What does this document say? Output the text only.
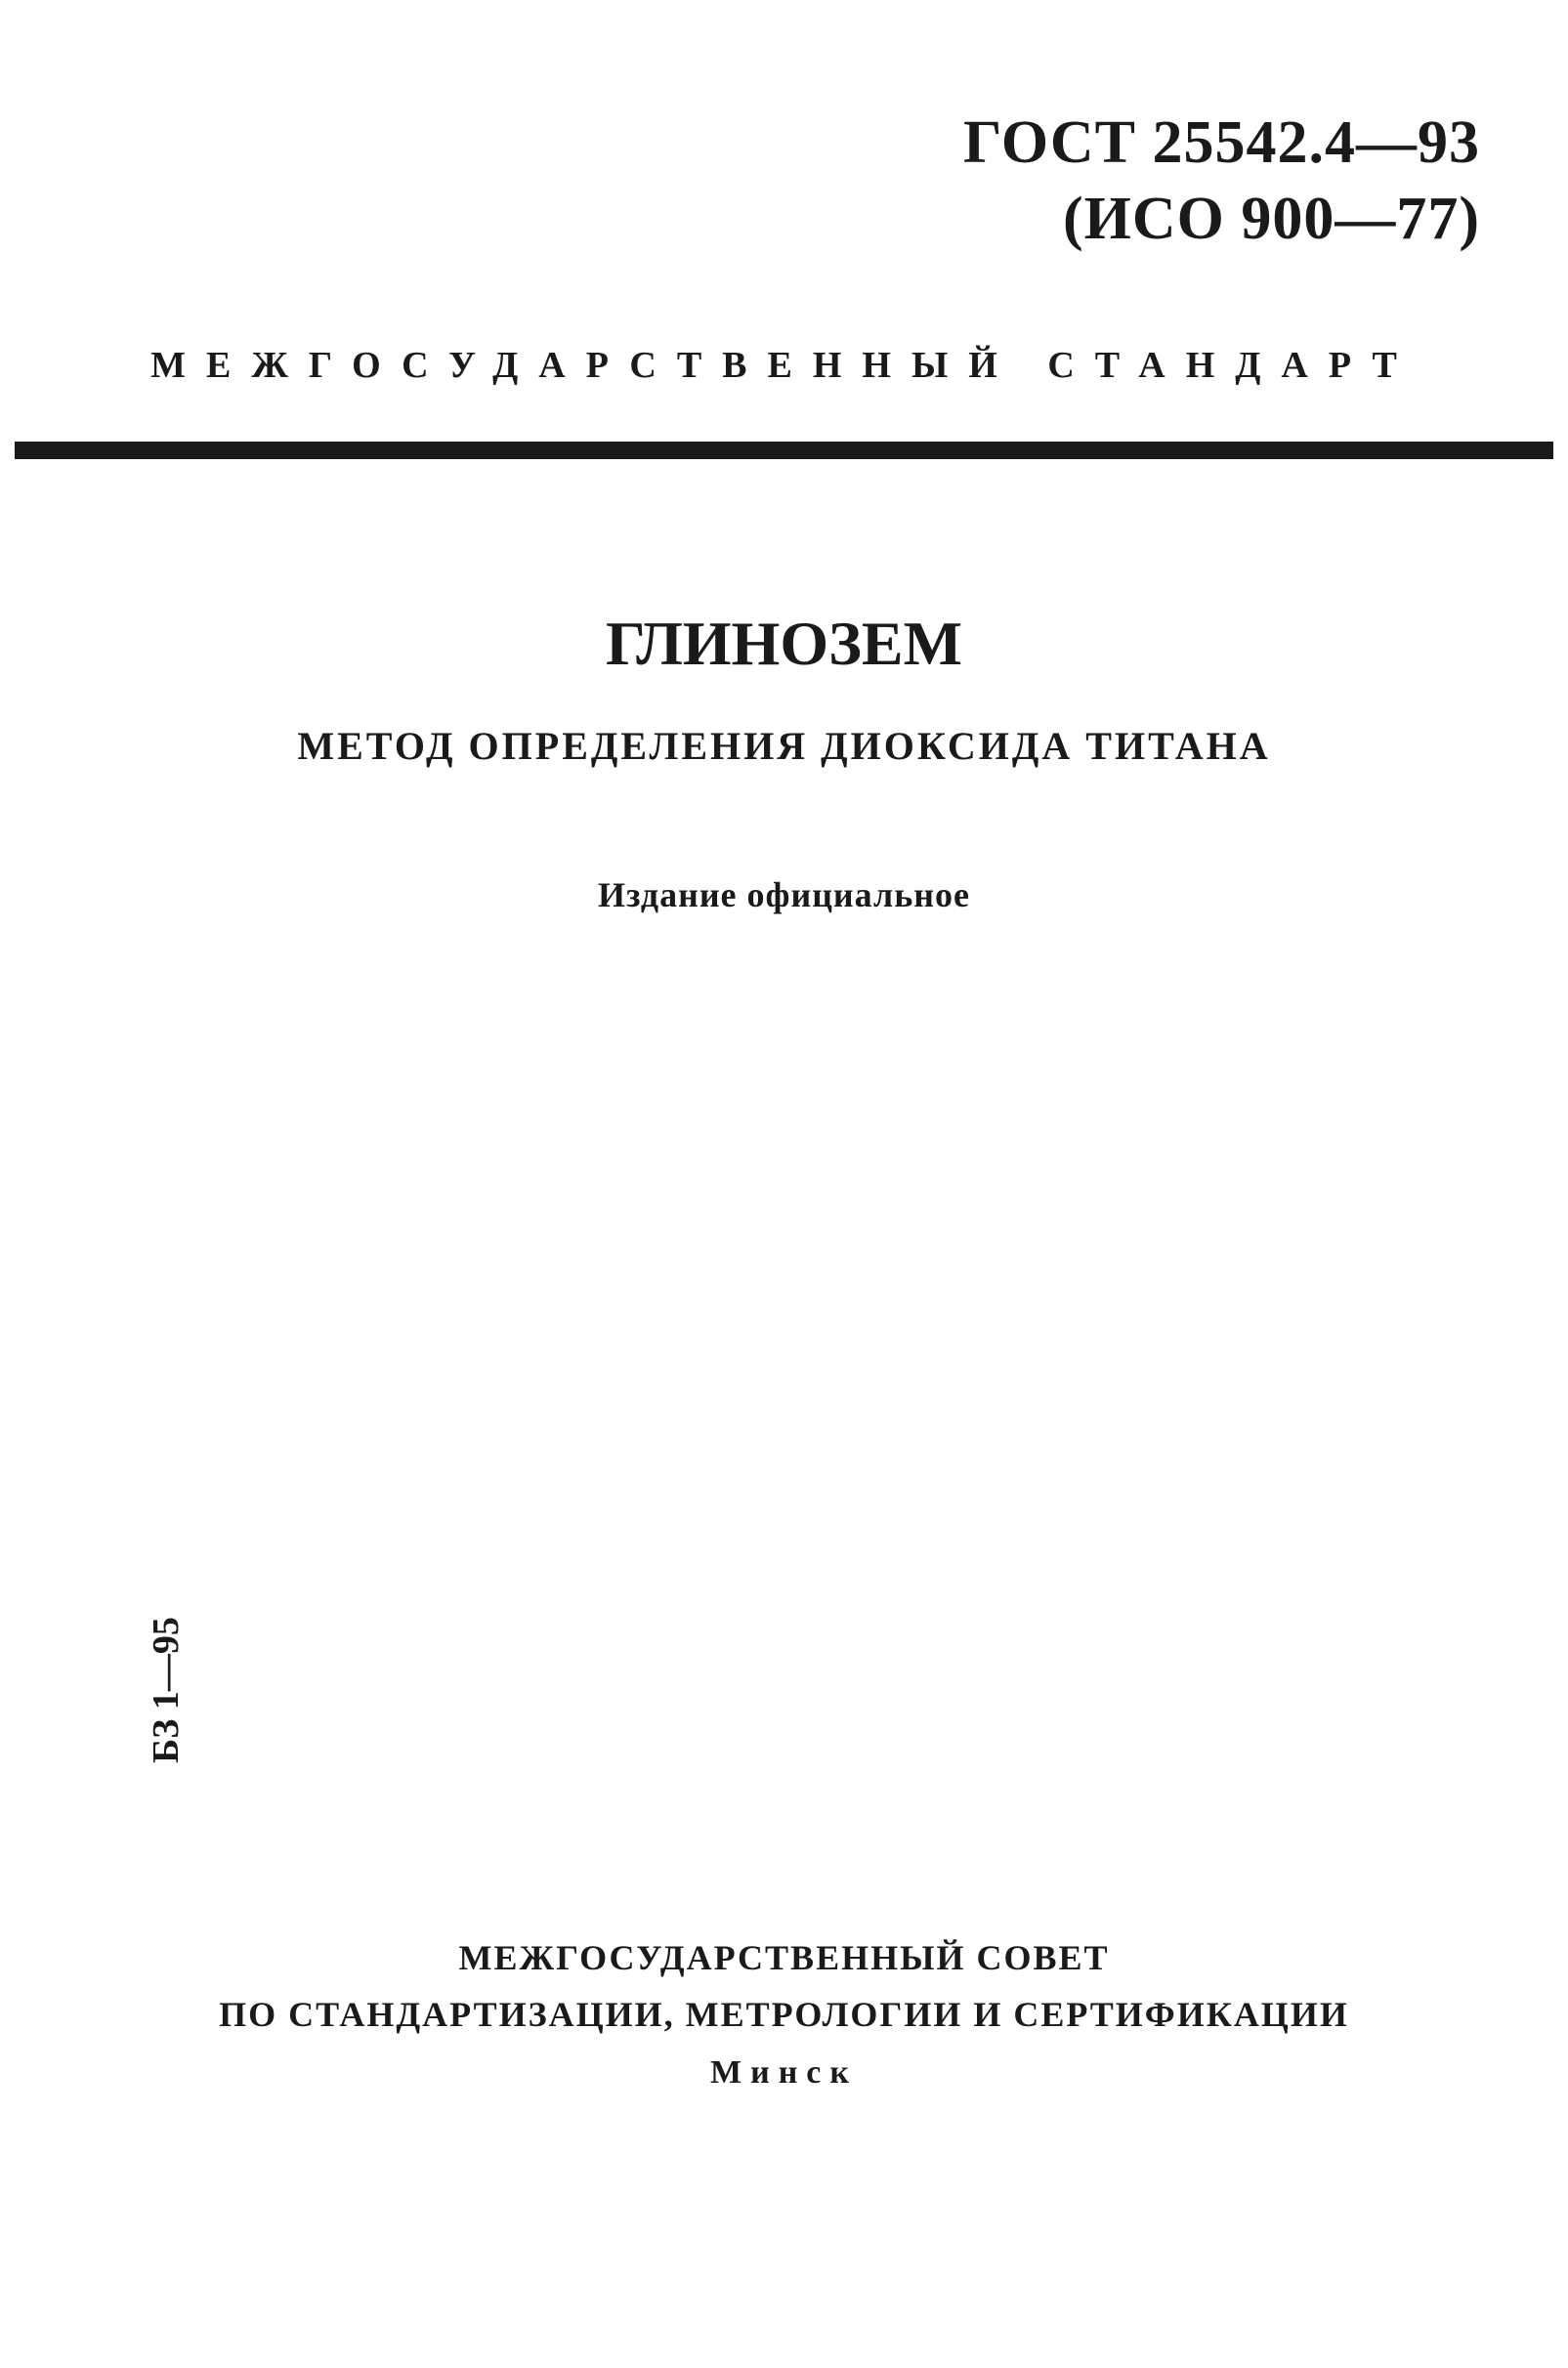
ГОСТ 25542.4—93
(ИСО 900—77)
МЕЖГОСУДАРСТВЕННЫЙ СТАНДАРТ
ГЛИНОЗЕМ
МЕТОД ОПРЕДЕЛЕНИЯ ДИОКСИДА ТИТАНА
Издание официальное
БЗ 1—95
МЕЖГОСУДАРСТВЕННЫЙ СОВЕТ
ПО СТАНДАРТИЗАЦИИ, МЕТРОЛОГИИ И СЕРТИФИКАЦИИ
Минск
